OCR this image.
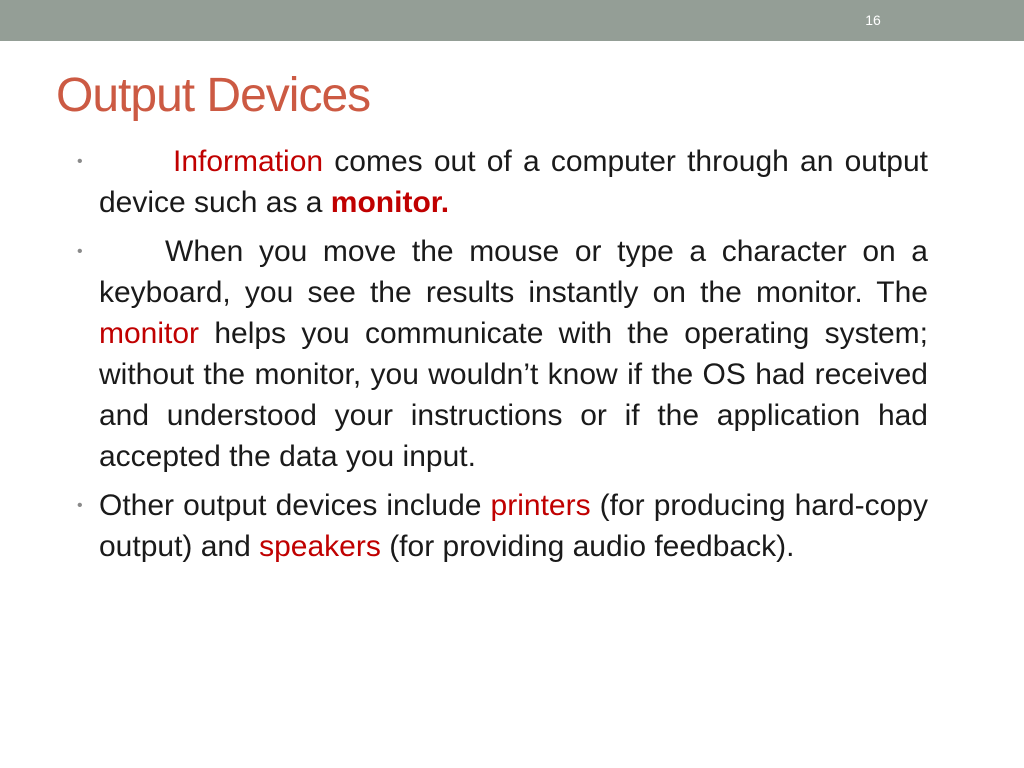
16
Output Devices
•	Information comes out of a computer through an output device such as a monitor.
•	When you move the mouse or type a character on a keyboard, you see the results instantly on the monitor. The monitor helps you communicate with the operating system; without the monitor, you wouldn’t know if the OS had received and understood your instructions or if the application had accepted the data you input.
• Other output devices include printers (for producing hard-copy output) and speakers (for providing audio feedback).
